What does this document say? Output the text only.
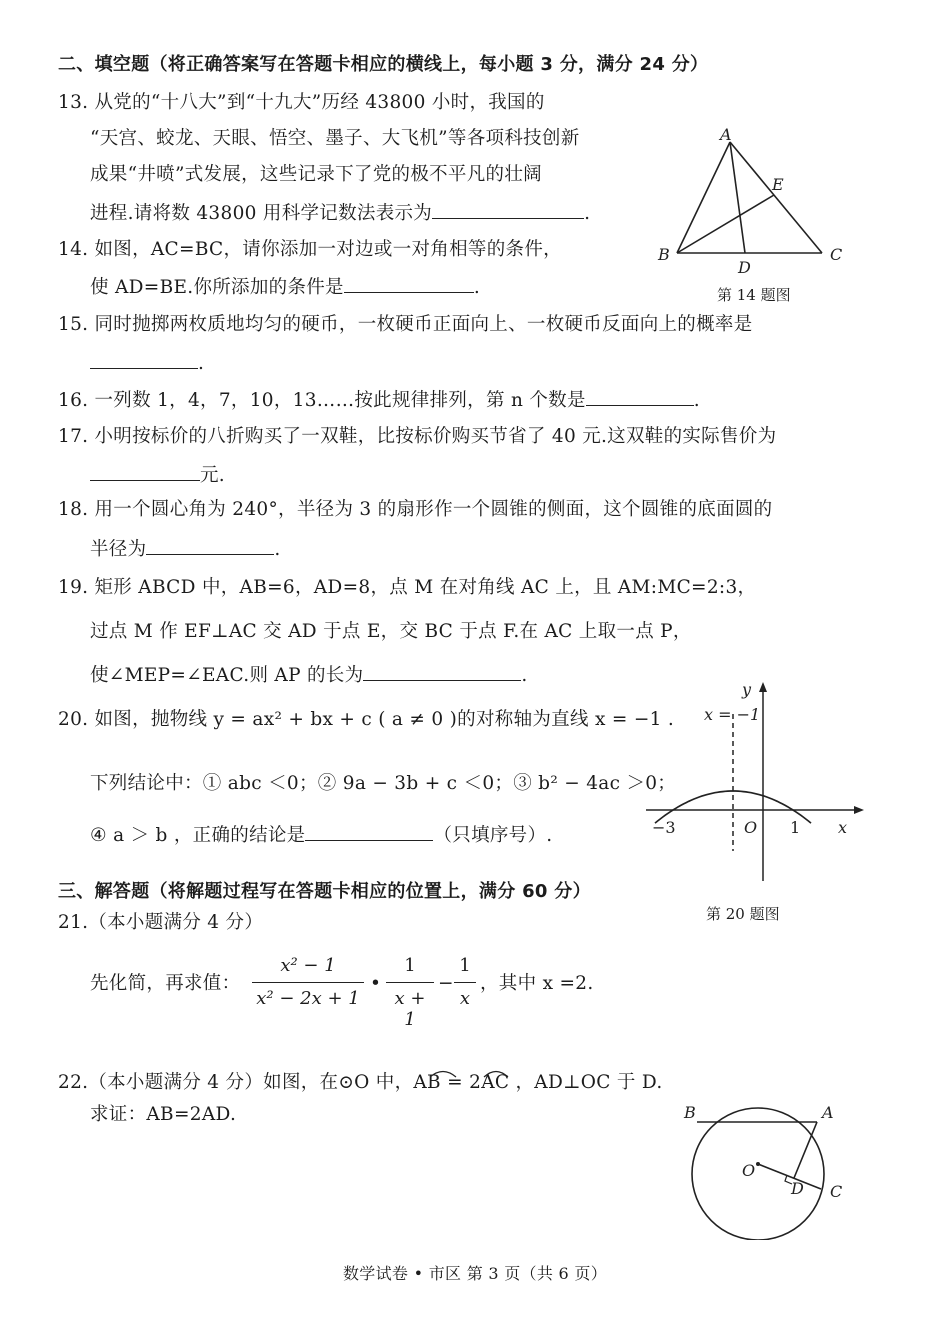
二、填空题（将正确答案写在答题卡相应的横线上，每小题 3 分，满分 24 分）
13. 从党的“十八大”到“十九大”历经 43800 小时，我国的
“天宫、蛟龙、天眼、悟空、墨子、大飞机”等各项科技创新
成果“井喷”式发展，这些记录下了党的极不平凡的壮阔
进程.请将数 43800 用科学记数法表示为	.
14. 如图，AC=BC，请你添加一对边或一对角相等的条件，
使 AD=BE.你所添加的条件是	.
A
B	C
D
E
第 14 题图
15. 同时抛掷两枚质地均匀的硬币，一枚硬币正面向上、一枚硬币反面向上的概率是
.
16. 一列数 1，4，7，10，13……按此规律排列，第 n 个数是	.
17. 小明按标价的八折购买了一双鞋，比按标价购买节省了 40 元.这双鞋的实际售价为
元.
18. 用一个圆心角为 240°，半径为 3 的扇形作一个圆锥的侧面，这个圆锥的底面圆的
半径为	.
19. 矩形 ABCD 中，AB=6，AD=8，点 M 在对角线 AC 上，且 AM:MC=2:3，
过点 M 作 EF⊥AC 交 AD 于点 E，交 BC 于点 F.在 AC 上取一点 P，
使∠MEP=∠EAC.则 AP 的长为	.
20. 如图，抛物线 y = ax² + bx + c ( a ≠ 0 )的对称轴为直线 x = −1 .
下列结论中：① abc ＜0；② 9a − 3b + c ＜0；③ b² − 4ac ＞0；
④ a ＞ b ，正确的结论是	（只填序号）.
x = −1
y
x
O
−3	1
第 20 题图
三、解答题（将解题过程写在答题卡相应的位置上，满分 60 分）
21.（本小题满分 4 分）
先化简，再求值：
x² − 1
x² − 2x + 1
•
1
x + 1
−
1
x
，其中 x =2.
22.（本小题满分 4 分）如图，在⊙O 中，AB = 2AC ，AD⊥OC 于 D.
求证：AB=2AD.	B	A
O
D C
数学试卷 • 市区 第 3 页（共 6 页）
